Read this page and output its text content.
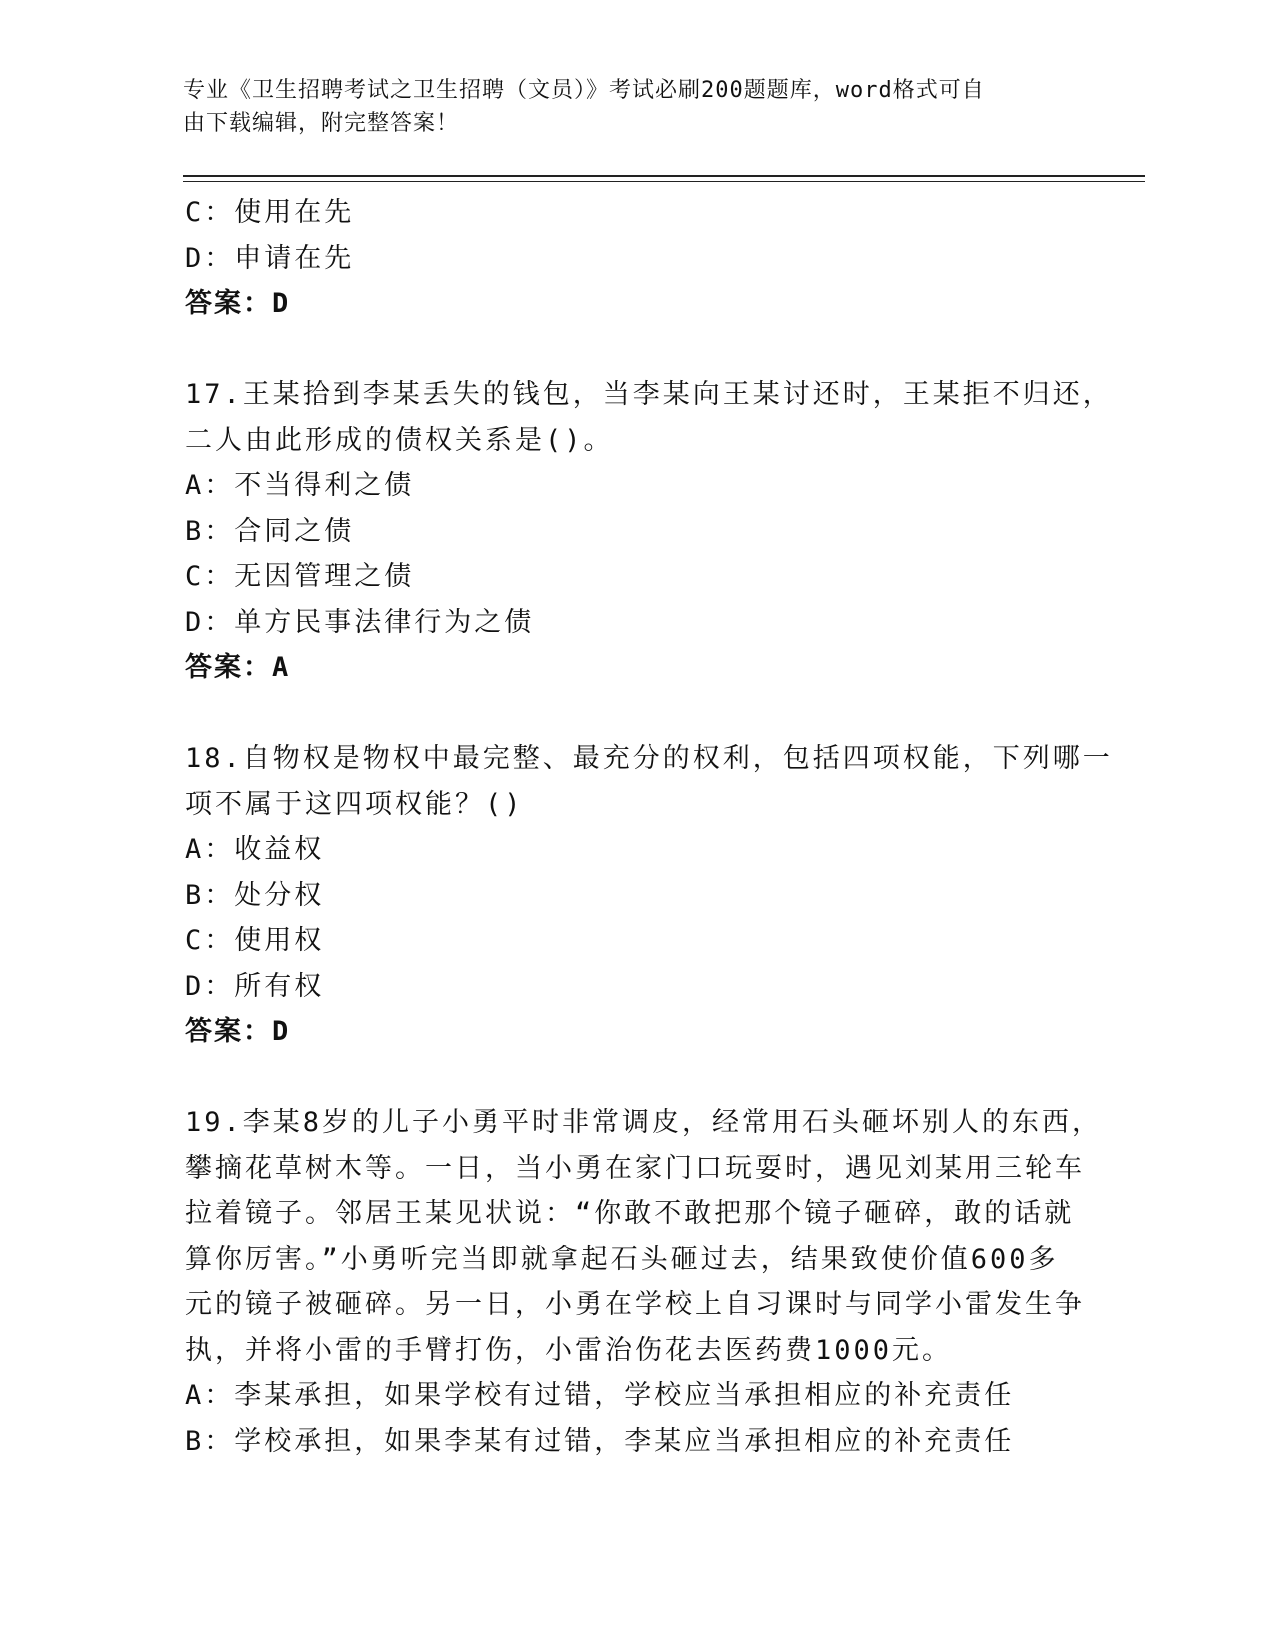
专业《卫生招聘考试之卫生招聘（文员）》考试必刷200题题库，word格式可自
由下载编辑，附完整答案！
C：使用在先
D：申请在先
答案：D
17.王某拾到李某丢失的钱包，当李某向王某讨还时，王某拒不归还，
二人由此形成的债权关系是()。
A：不当得利之债
B：合同之债
C：无因管理之债
D：单方民事法律行为之债
答案：A
18.自物权是物权中最完整、最充分的权利，包括四项权能，下列哪一
项不属于这四项权能？()
A：收益权
B：处分权
C：使用权
D：所有权
答案：D
19.李某8岁的儿子小勇平时非常调皮，经常用石头砸坏别人的东西，
攀摘花草树木等。一日，当小勇在家门口玩耍时，遇见刘某用三轮车
拉着镜子。邻居王某见状说：“你敢不敢把那个镜子砸碎，敢的话就
算你厉害。”小勇听完当即就拿起石头砸过去，结果致使价值600多
元的镜子被砸碎。另一日，小勇在学校上自习课时与同学小雷发生争
执，并将小雷的手臂打伤，小雷治伤花去医药费1000元。
A：李某承担，如果学校有过错，学校应当承担相应的补充责任
B：学校承担，如果李某有过错，李某应当承担相应的补充责任
